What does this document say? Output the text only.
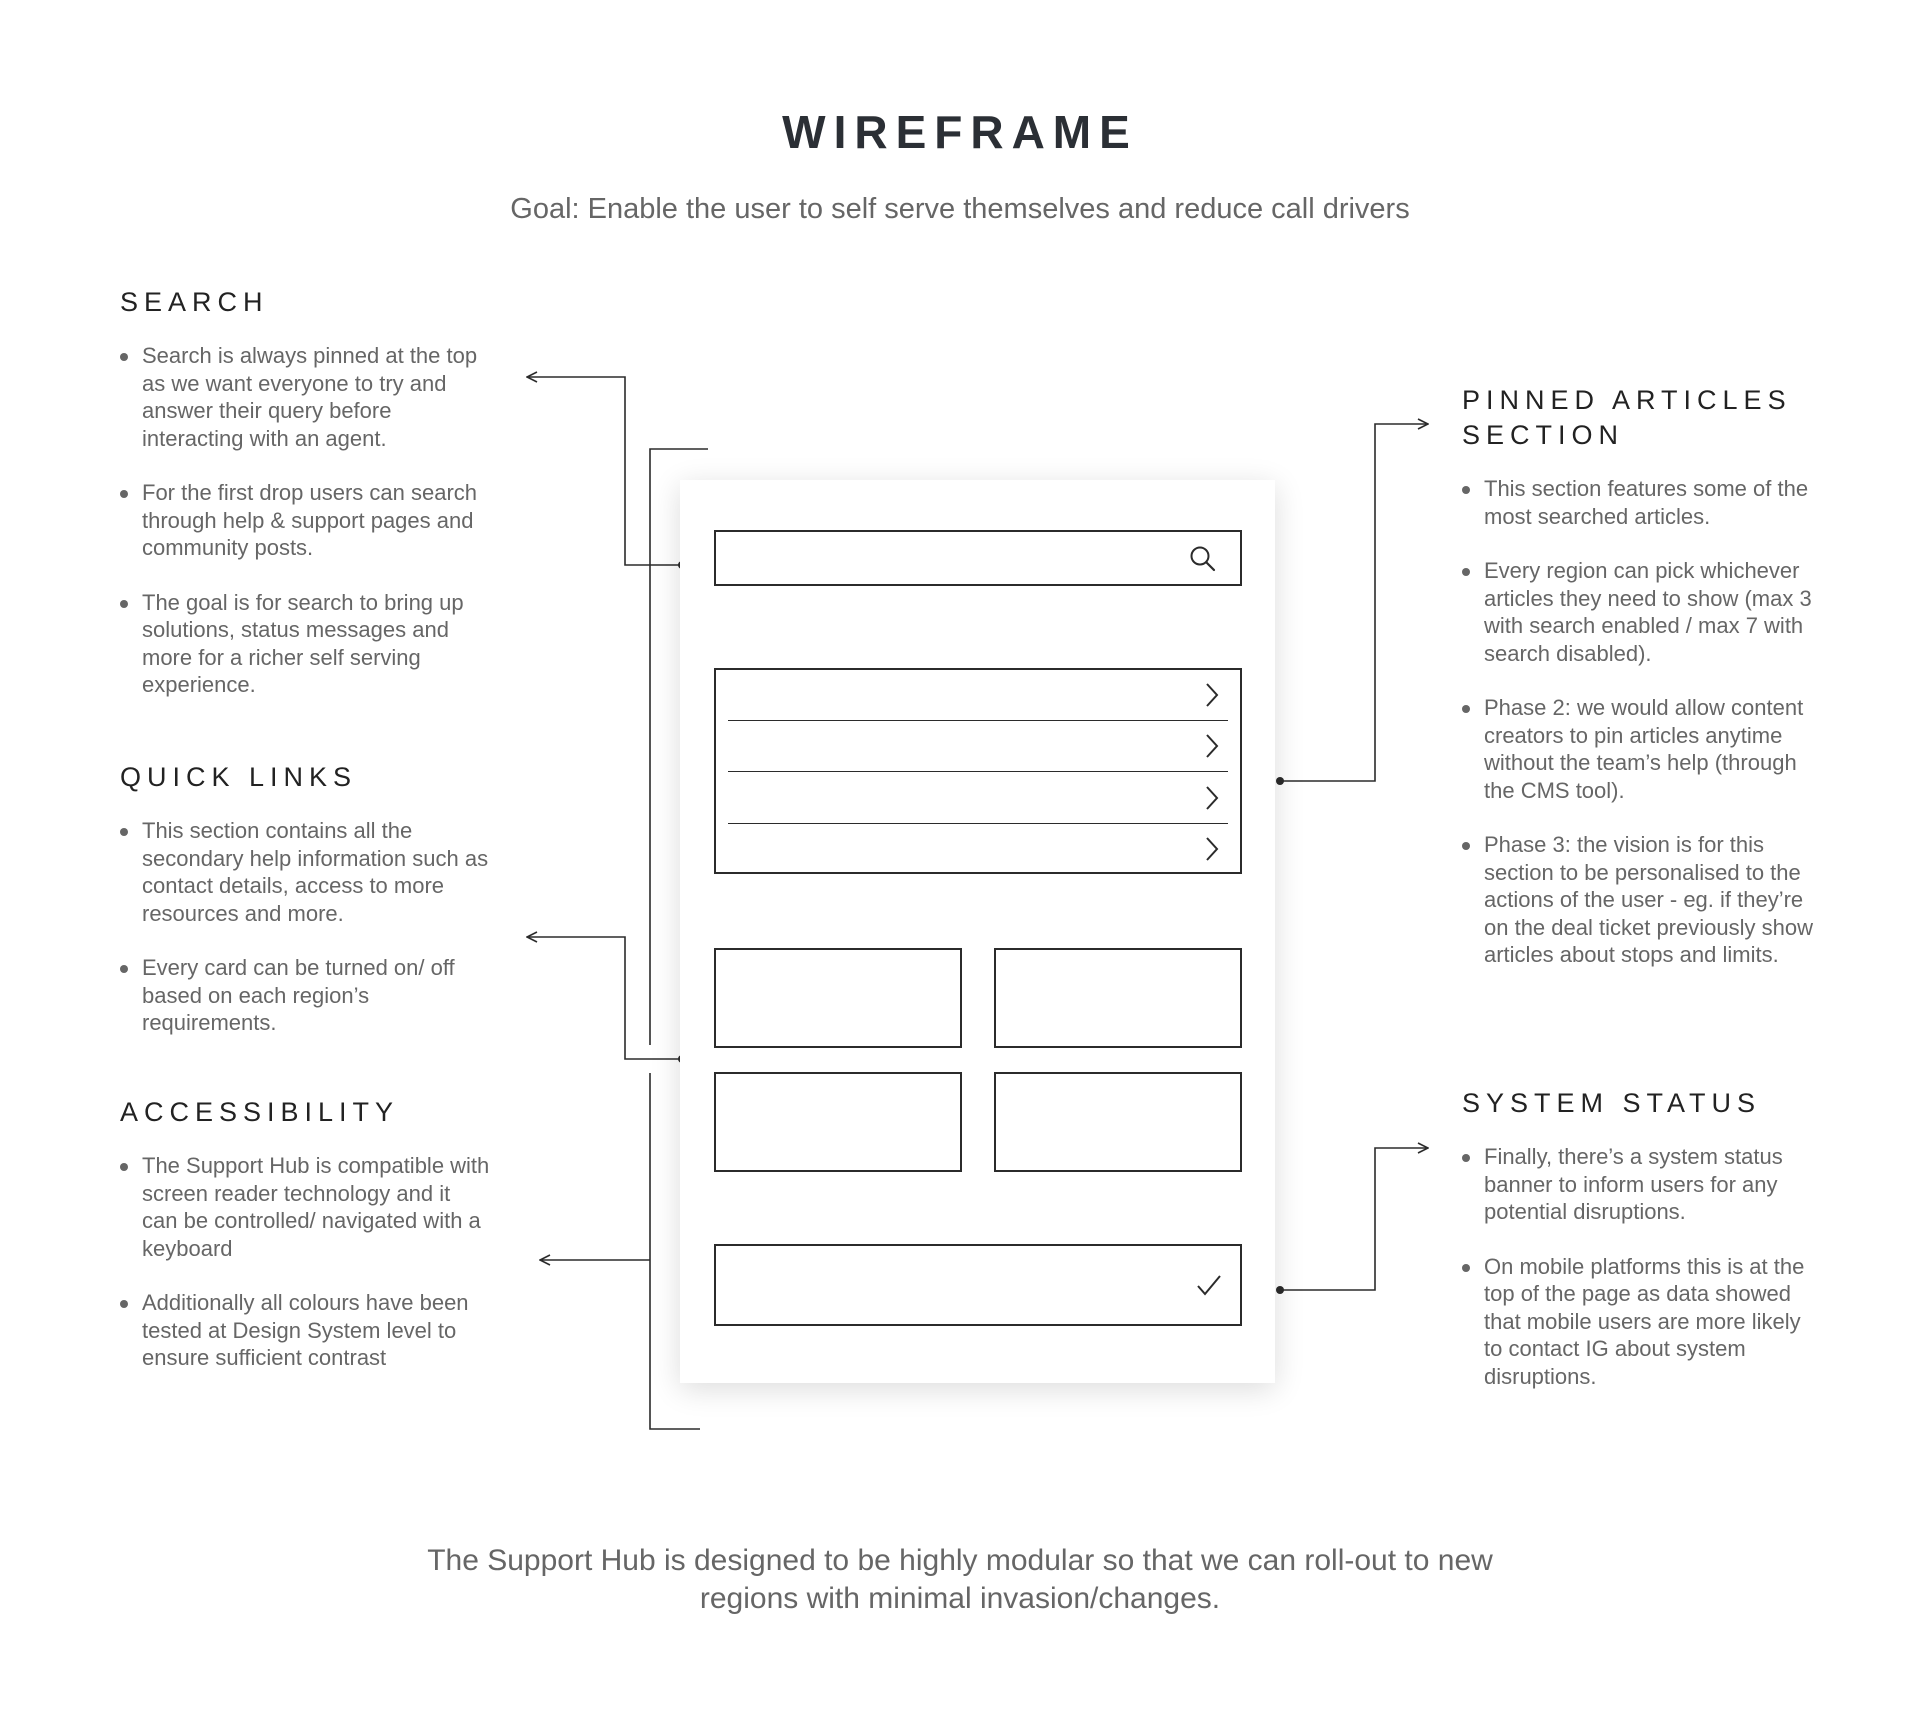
WIREFRAME
Goal: Enable the user to self serve themselves and reduce call drivers
SEARCH
Search is always pinned at the top as we want everyone to try and answer their query before interacting with an agent.
For the first drop users can search through help & support pages and community posts.
The goal is for search to bring up solutions, status messages and more for a richer self serving experience.
QUICK LINKS
This section contains all the secondary help information such as contact details, access to more resources and more.
Every card can be turned on/ off based on each region’s requirements.
ACCESSIBILITY
The Support Hub is compatible with screen reader technology and it can be controlled/ navigated with a keyboard
Additionally all colours have been tested at Design System level to ensure sufficient contrast
PINNED ARTICLES SECTION
This section features some of the most searched articles.
Every region can pick whichever articles they need to show (max 3 with search enabled / max 7 with search disabled).
Phase 2: we would allow content creators to pin articles anytime without the team’s help (through the CMS tool).
Phase 3: the vision is for this section to be personalised to the actions of the user - eg. if they’re on the deal ticket previously show articles about stops and limits.
SYSTEM STATUS
Finally, there’s a system status banner to inform users for any potential disruptions.
On mobile platforms this is at the top of the page as data showed that mobile users are more likely to contact IG about system disruptions.
The Support Hub is designed to be highly modular so that we can roll-out to new regions with minimal invasion/changes.
